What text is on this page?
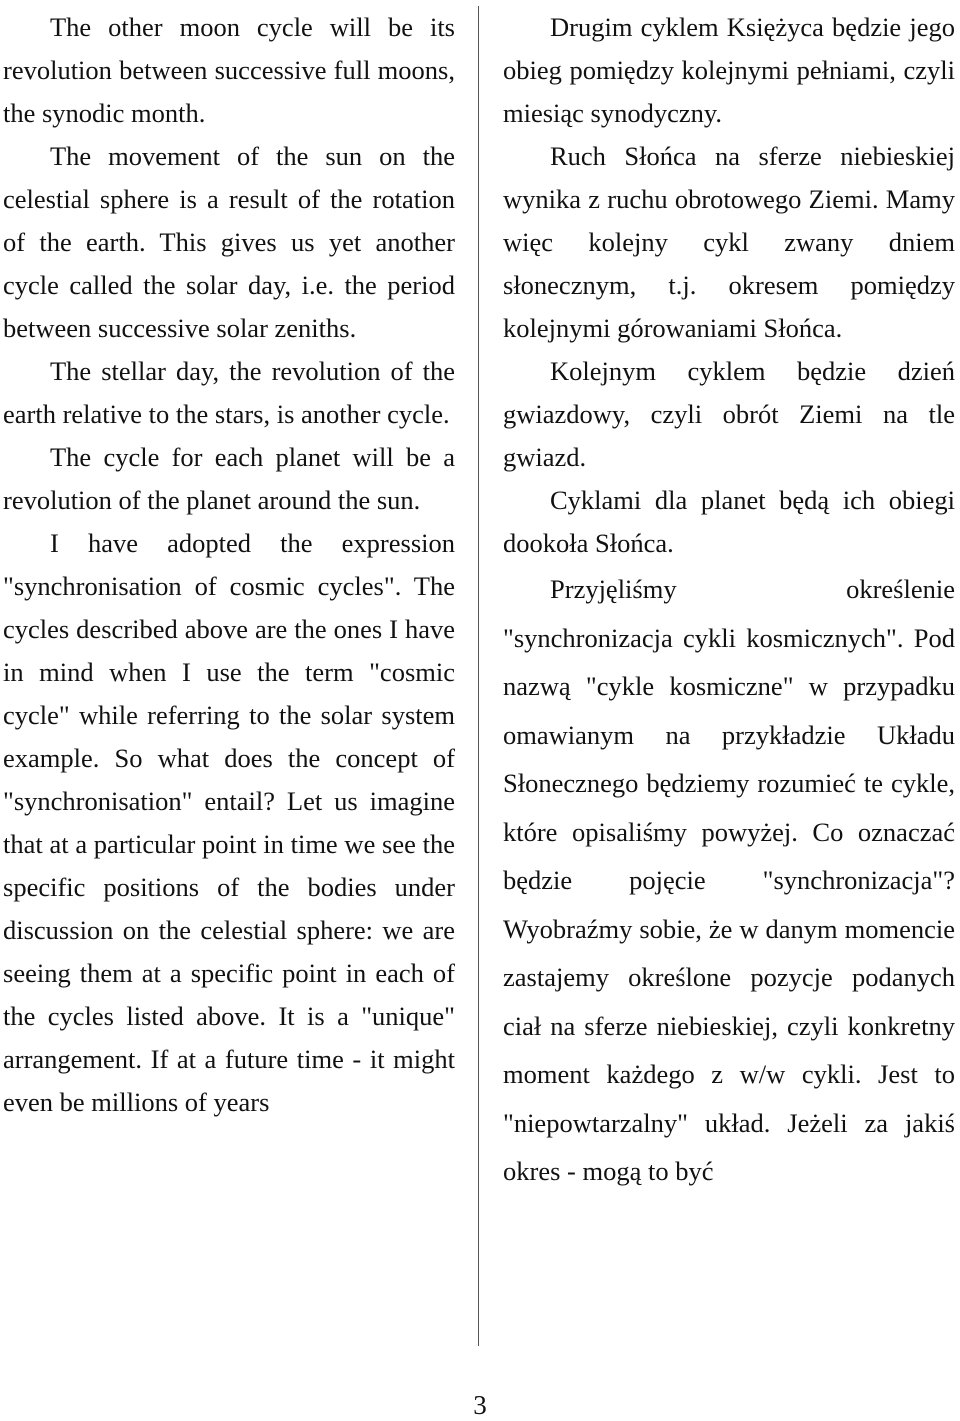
The other moon cycle will be its revolution between successive full moons, the synodic month.

The movement of the sun on the celestial sphere is a result of the rotation of the earth. This gives us yet another cycle called the solar day, i.e. the period between successive solar zeniths.

The stellar day, the revolution of the earth relative to the stars, is another cycle.

The cycle for each planet will be a revolution of the planet around the sun.

I have adopted the expression "synchronisation of cosmic cycles". The cycles described above are the ones I have in mind when I use the term "cosmic cycle" while referring to the solar system example. So what does the concept of "synchronisation" entail? Let us imagine that at a particular point in time we see the specific positions of the bodies under discussion on the celestial sphere: we are seeing them at a specific point in each of the cycles listed above. It is a "unique" arrangement. If at a future time - it might even be millions of years

Drugim cyklem Księżyca będzie jego obieg pomiędzy kolejnymi pełniami, czyli miesiąc synodyczny.

Ruch Słońca na sferze niebieskiej wynika z ruchu obrotowego Ziemi. Mamy więc kolejny cykl zwany dniem słonecznym, t.j. okresem pomiędzy kolejnymi górowaniami Słońca.

Kolejnym cyklem będzie dzień gwiazdowy, czyli obrót Ziemi na tle gwiazd.

Cyklami dla planet będą ich obiegi dookoła Słońca.

Przyjęliśmy określenie "synchronizacja cykli kosmicznych". Pod nazwą "cykle kosmiczne" w przypadku omawianym na przykładzie Układu Słonecznego będziemy rozumieć te cykle, które opisaliśmy powyżej. Co oznaczać będzie pojęcie "synchronizacja"? Wyobraźmy sobie, że w danym momencie zastajemy określone pozycje podanych ciał na sferze niebieskiej, czyli konkretny moment każdego z w/w cykli. Jest to "niepowtarzalny" układ. Jeżeli za jakiś okres - mogą to być

3
